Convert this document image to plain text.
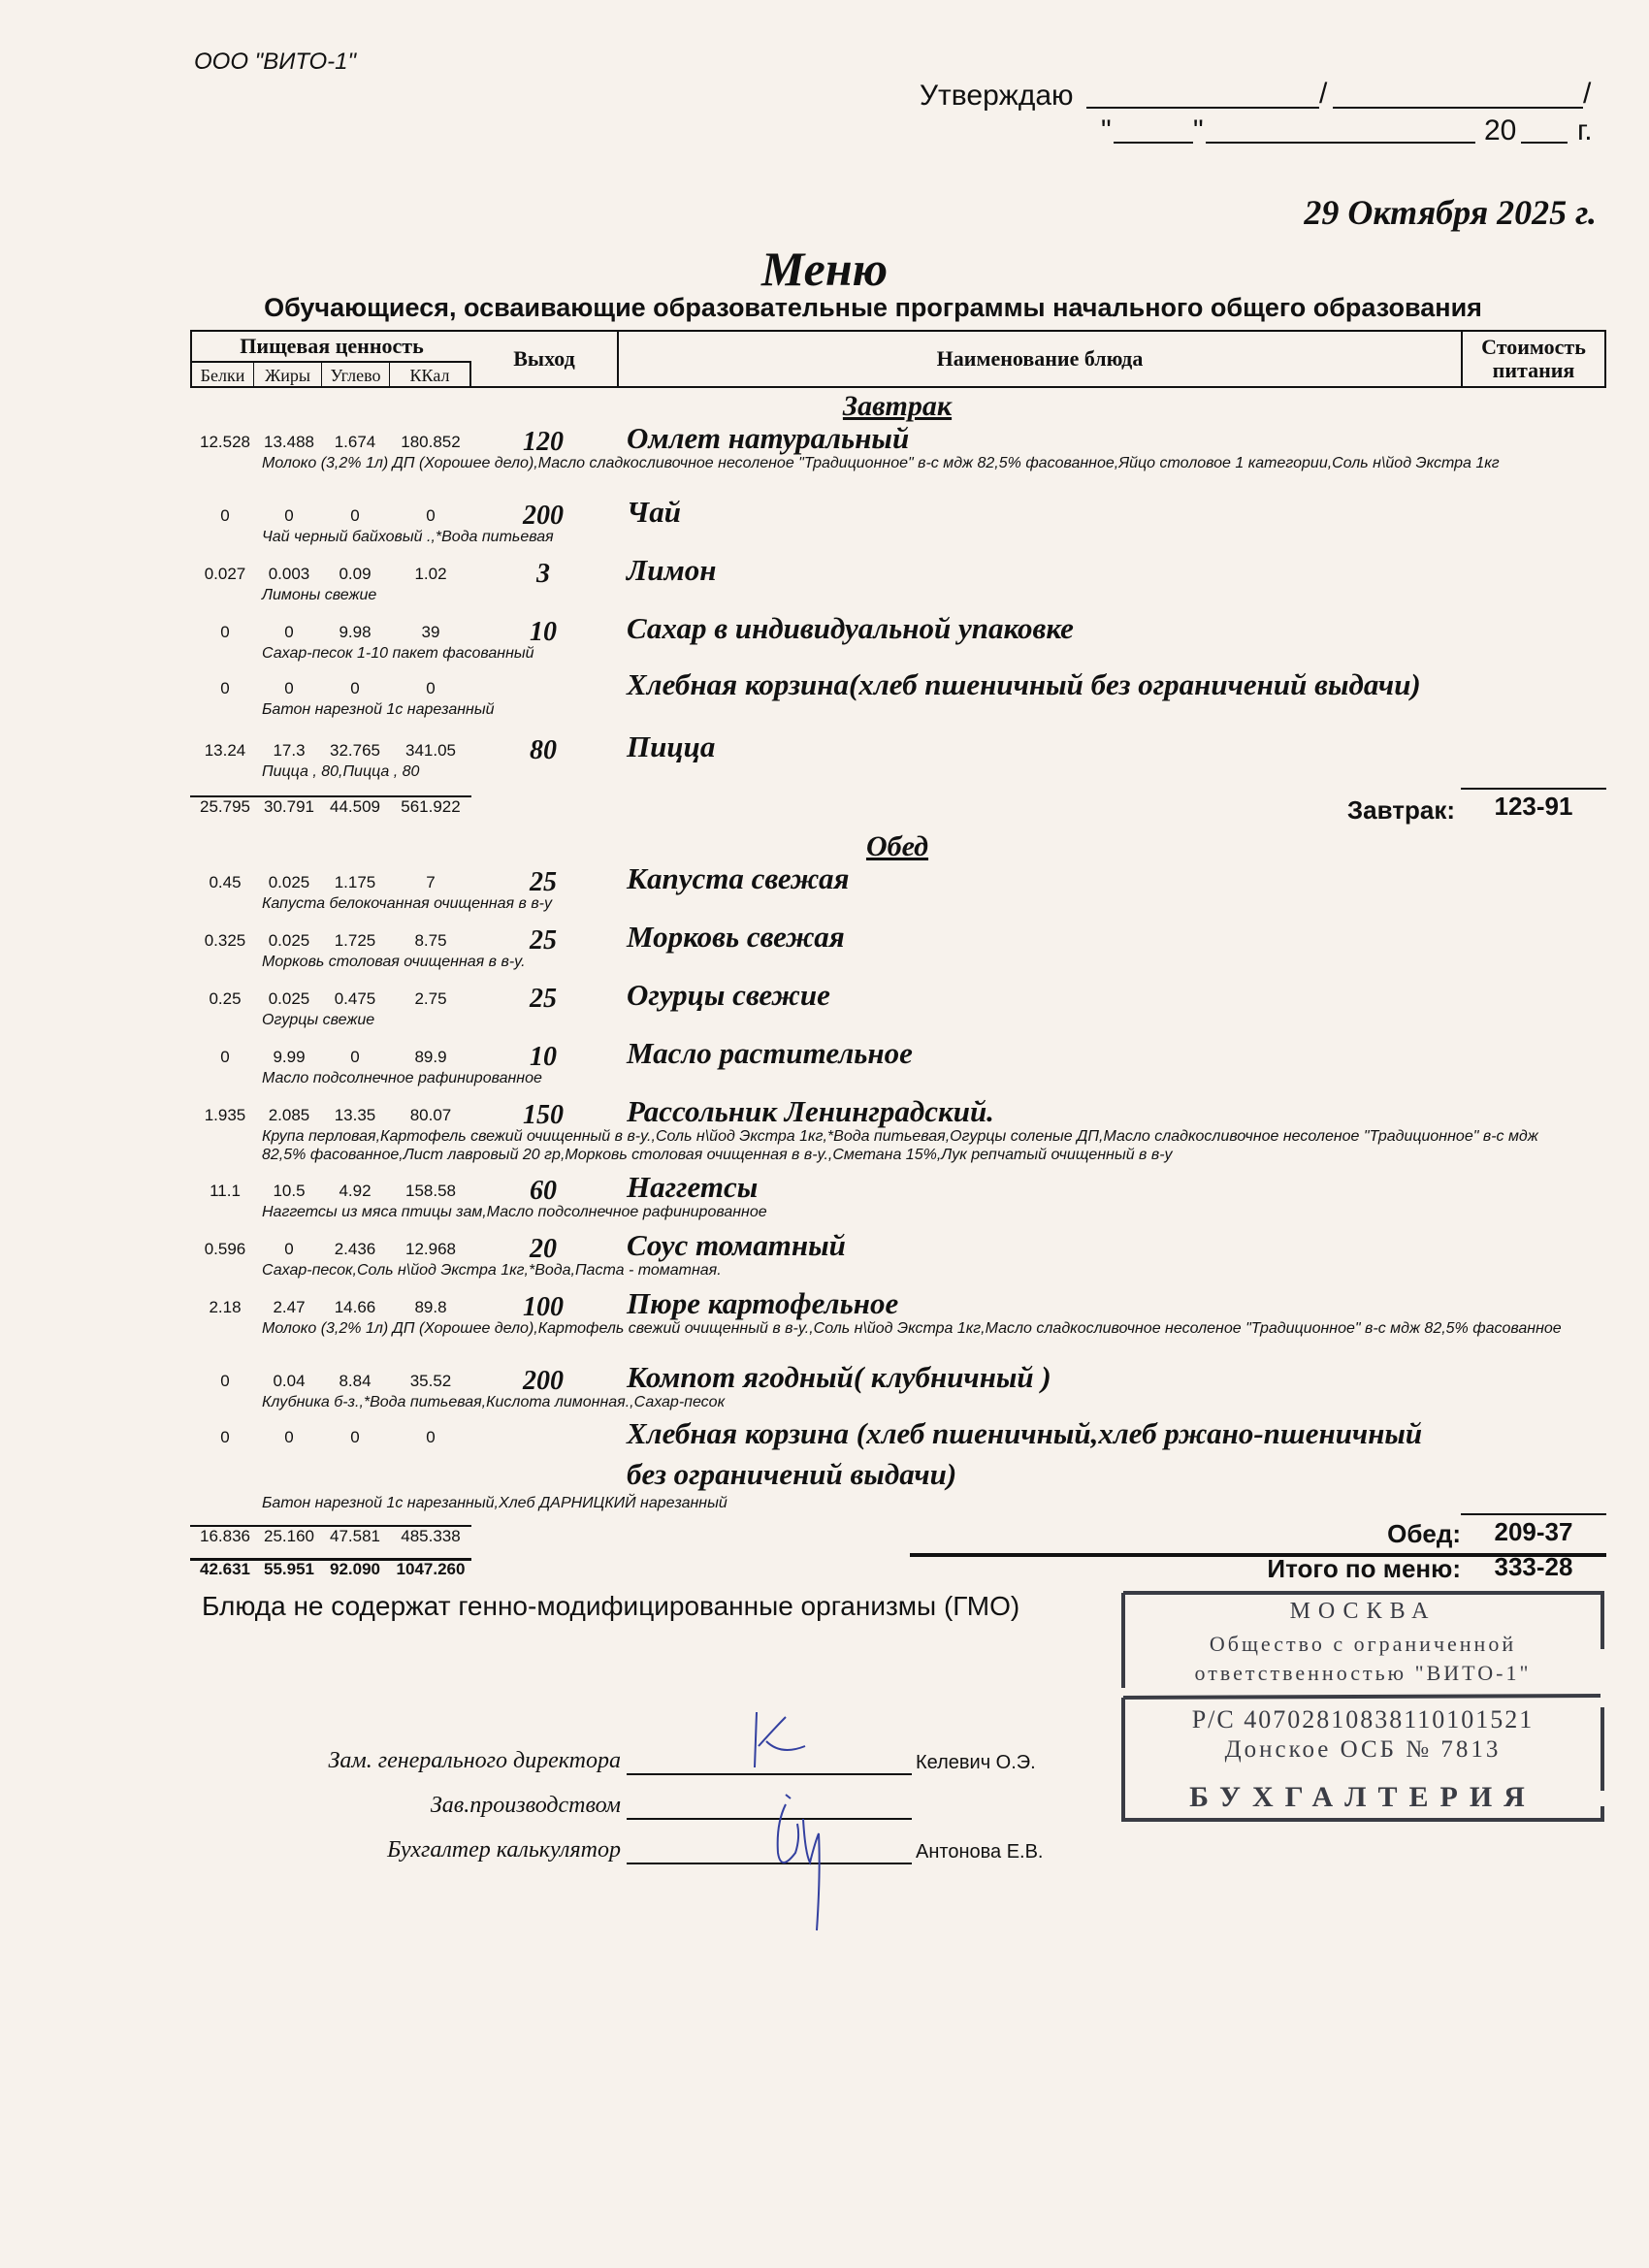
ООО "ВИТО-1"
Утверждаю	/	/
"	"	20 г.
29 Октября 2025 г.
Меню
Обучающиеся, осваивающие образовательные программы начального общего образования
Пищевая ценность
Белки	Жиры	Углево	ККал
Выход	Наименование блюда	Стоимость
питания
Завтрак
12.528 13.488	1.674	180.852	120	Омлет натуральный
Молоко (3,2% 1л) ДП (Хорошее дело),Масло сладкосливочное несоленое "Традиционное" в-с мдж 82,5% фасованное,Яйцо столовое 1 категории,Соль н\йод Экстра 1кг
0	0	0	0	200	Чай
Чай черный байховый .,*Вода питьевая
0.027	0.003	0.09	1.02	3	Лимон
Лимоны свежие
0	0	9.98	39	10	Сахар в индивидуальной упаковке
Сахар-песок 1-10 пакет фасованный
0	0	0	0	Хлебная корзина(хлеб пшеничный без ограничений выдачи)
Батон нарезной 1с нарезанный
13.24	17.3	32.765	341.05	80	Пицца
Пицца , 80,Пицца , 80
25.795 30.791 44.509	561.922	Завтрак:	123-91
Обед
0.45	0.025	1.175	7	25	Капуста свежая
Капуста белокочанная очищенная в в-у
0.325	0.025	1.725	8.75	25	Морковь свежая
Морковь столовая очищенная в в-у.
0.25	0.025	0.475	2.75	25	Огурцы свежие
Огурцы свежие
0	9.99	0	89.9	10	Масло растительное
Масло подсолнечное рафинированное
1.935	2.085	13.35	80.07	150	Рассольник Ленинградский.
Крупа перловая,Картофель свежий очищенный в в-у.,Соль н\йод Экстра 1кг,*Вода питьевая,Огурцы соленые ДП,Масло сладкосливочное несоленое "Традиционное" в-с мдж 82,5% фасованное,Лист лавровый 20 гр,Морковь столовая очищенная в в-у.,Сметана 15%,Лук репчатый очищенный в в-у
11.1	10.5	4.92	158.58	60	Наггетсы
Наггетсы из мяса птицы зам,Масло подсолнечное рафинированное
0.596	0	2.436	12.968	20	Соус томатный
Сахар-песок,Соль н\йод Экстра 1кг,*Вода,Паста - томатная.
2.18	2.47	14.66	89.8	100	Пюре картофельное
Молоко (3,2% 1л) ДП (Хорошее дело),Картофель свежий очищенный в в-у.,Соль н\йод Экстра 1кг,Масло сладкосливочное несоленое "Традиционное" в-с мдж 82,5% фасованное
0	0.04	8.84	35.52	200	Компот ягодный( клубничный )
Клубника б-з.,*Вода питьевая,Кислота лимонная.,Сахар-песок
0	0	0	0	Хлебная корзина (хлеб пшеничный,хлеб ржано-пшеничный
без ограничений выдачи)
Батон нарезной 1с нарезанный,Хлеб ДАРНИЦКИЙ нарезанный
16.836 25.160 47.581	485.338	Обед:	209-37
42.631 55.951 92.090 1047.260	Итого по меню:	333-28
Блюда не содержат генно-модифицированные организмы (ГМО)	МОСКВА
Общество с ограниченной
ответственностью "ВИТО-1"
Р/С 40702810838110101521
Донское ОСБ № 7813
БУХГАЛТЕРИЯ
Зам. генерального директора	Келевич О.Э.
Зав.производством
Бухгалтер калькулятор	Антонова Е.В.
